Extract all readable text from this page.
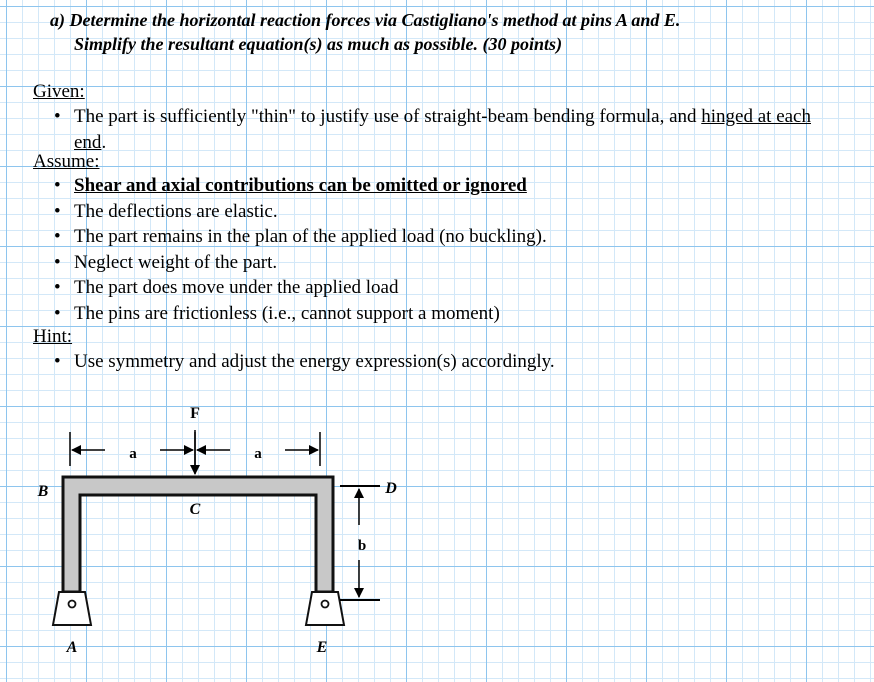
a) Determine the horizontal reaction forces via Castigliano's method at pins A and E.
Simplify the resultant equation(s) as much as possible. (30 points)
Given:
• The part is sufficiently "thin" to justify use of straight-beam bending formula, and hinged at each end.
Assume:
• Shear and axial contributions can be omitted or ignored
• The deflections are elastic.
• The part remains in the plan of the applied load (no buckling).
• Neglect weight of the part.
• The part does move under the applied load
• The pins are frictionless (i.e., cannot support a moment)
Hint:
• Use symmetry and adjust the energy expression(s) accordingly.
a	a
F
b
B
C
D
A	E
